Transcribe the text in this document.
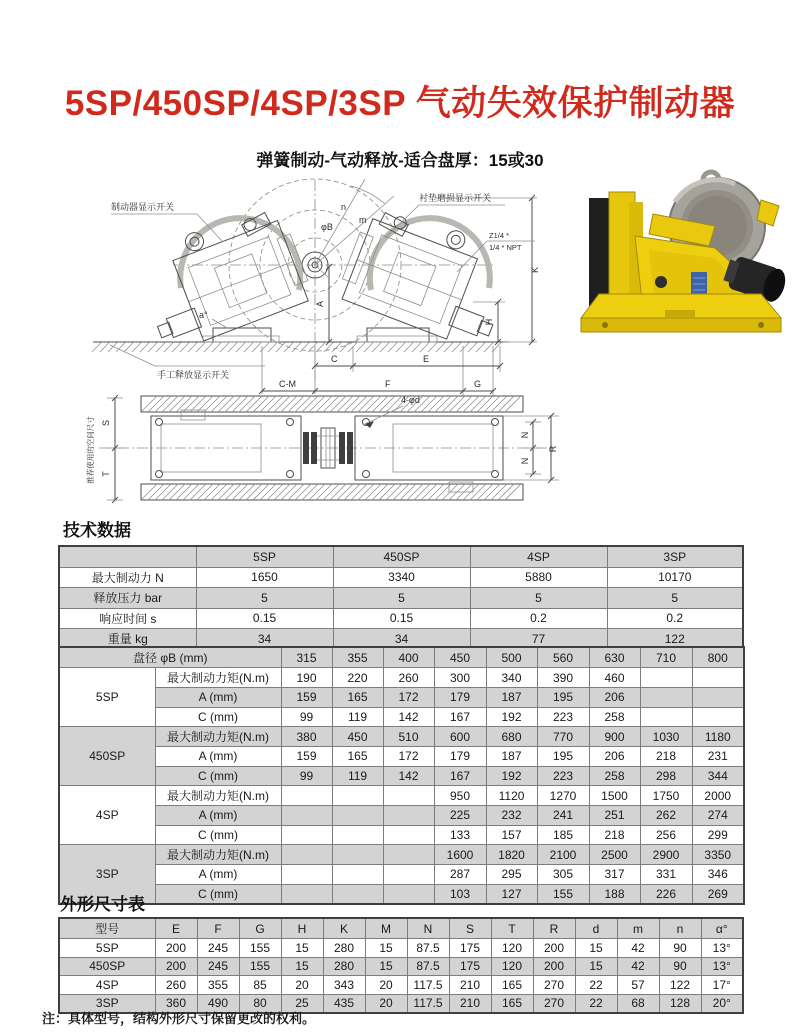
5SP/450SP/4SP/3SP 气动失效保护制动器
弹簧制动-气动释放-适合盘厚：15或30
制动器显示开关
衬垫磨损显示开关
手工释放显示开关
Z1/4 *
1/4 * NPT
φB
n
m
a°
C	E
C-M	F	G
K
H
A
推荐使用的空间尺寸
4-φd
S
T
N
N
R
技术数据
	5SP	450SP	4SP	3SP
最大制动力 N	1650	3340	5880	10170
释放压力 bar	5	5	5	5
响应时间 s	0.15	0.15	0.2	0.2
重量 kg	34	34	77	122
盘径 φB (mm)		315	355	400	450	500	560	630	710	800
5SP	最大制动力矩(N.m)	190	220	260	300	340	390	460		
	A (mm)	159	165	172	179	187	195	206		
	C (mm)	99	119	142	167	192	223	258		
450SP	最大制动力矩(N.m)	380	450	510	600	680	770	900	1030	1180
	A (mm)	159	165	172	179	187	195	206	218	231
	C (mm)	99	119	142	167	192	223	258	298	344
4SP	最大制动力矩(N.m)				950	1120	1270	1500	1750	2000
	A (mm)				225	232	241	251	262	274
	C (mm)				133	157	185	218	256	299
3SP	最大制动力矩(N.m)				1600	1820	2100	2500	2900	3350
	A (mm)				287	295	305	317	331	346
	C (mm)				103	127	155	188	226	269
外形尺寸表
型号	E	F	G	H	K	M	N	S	T	R	d	m	n	α°
5SP	200	245	155	15	280	15	87.5	175	120	200	15	42	90	13°
450SP	200	245	155	15	280	15	87.5	175	120	200	15	42	90	13°
4SP	260	355	85	20	343	20	117.5	210	165	270	22	57	122	17°
3SP	360	490	80	25	435	20	117.5	210	165	270	22	68	128	20°
注：具体型号，结构外形尺寸保留更改的权利。
